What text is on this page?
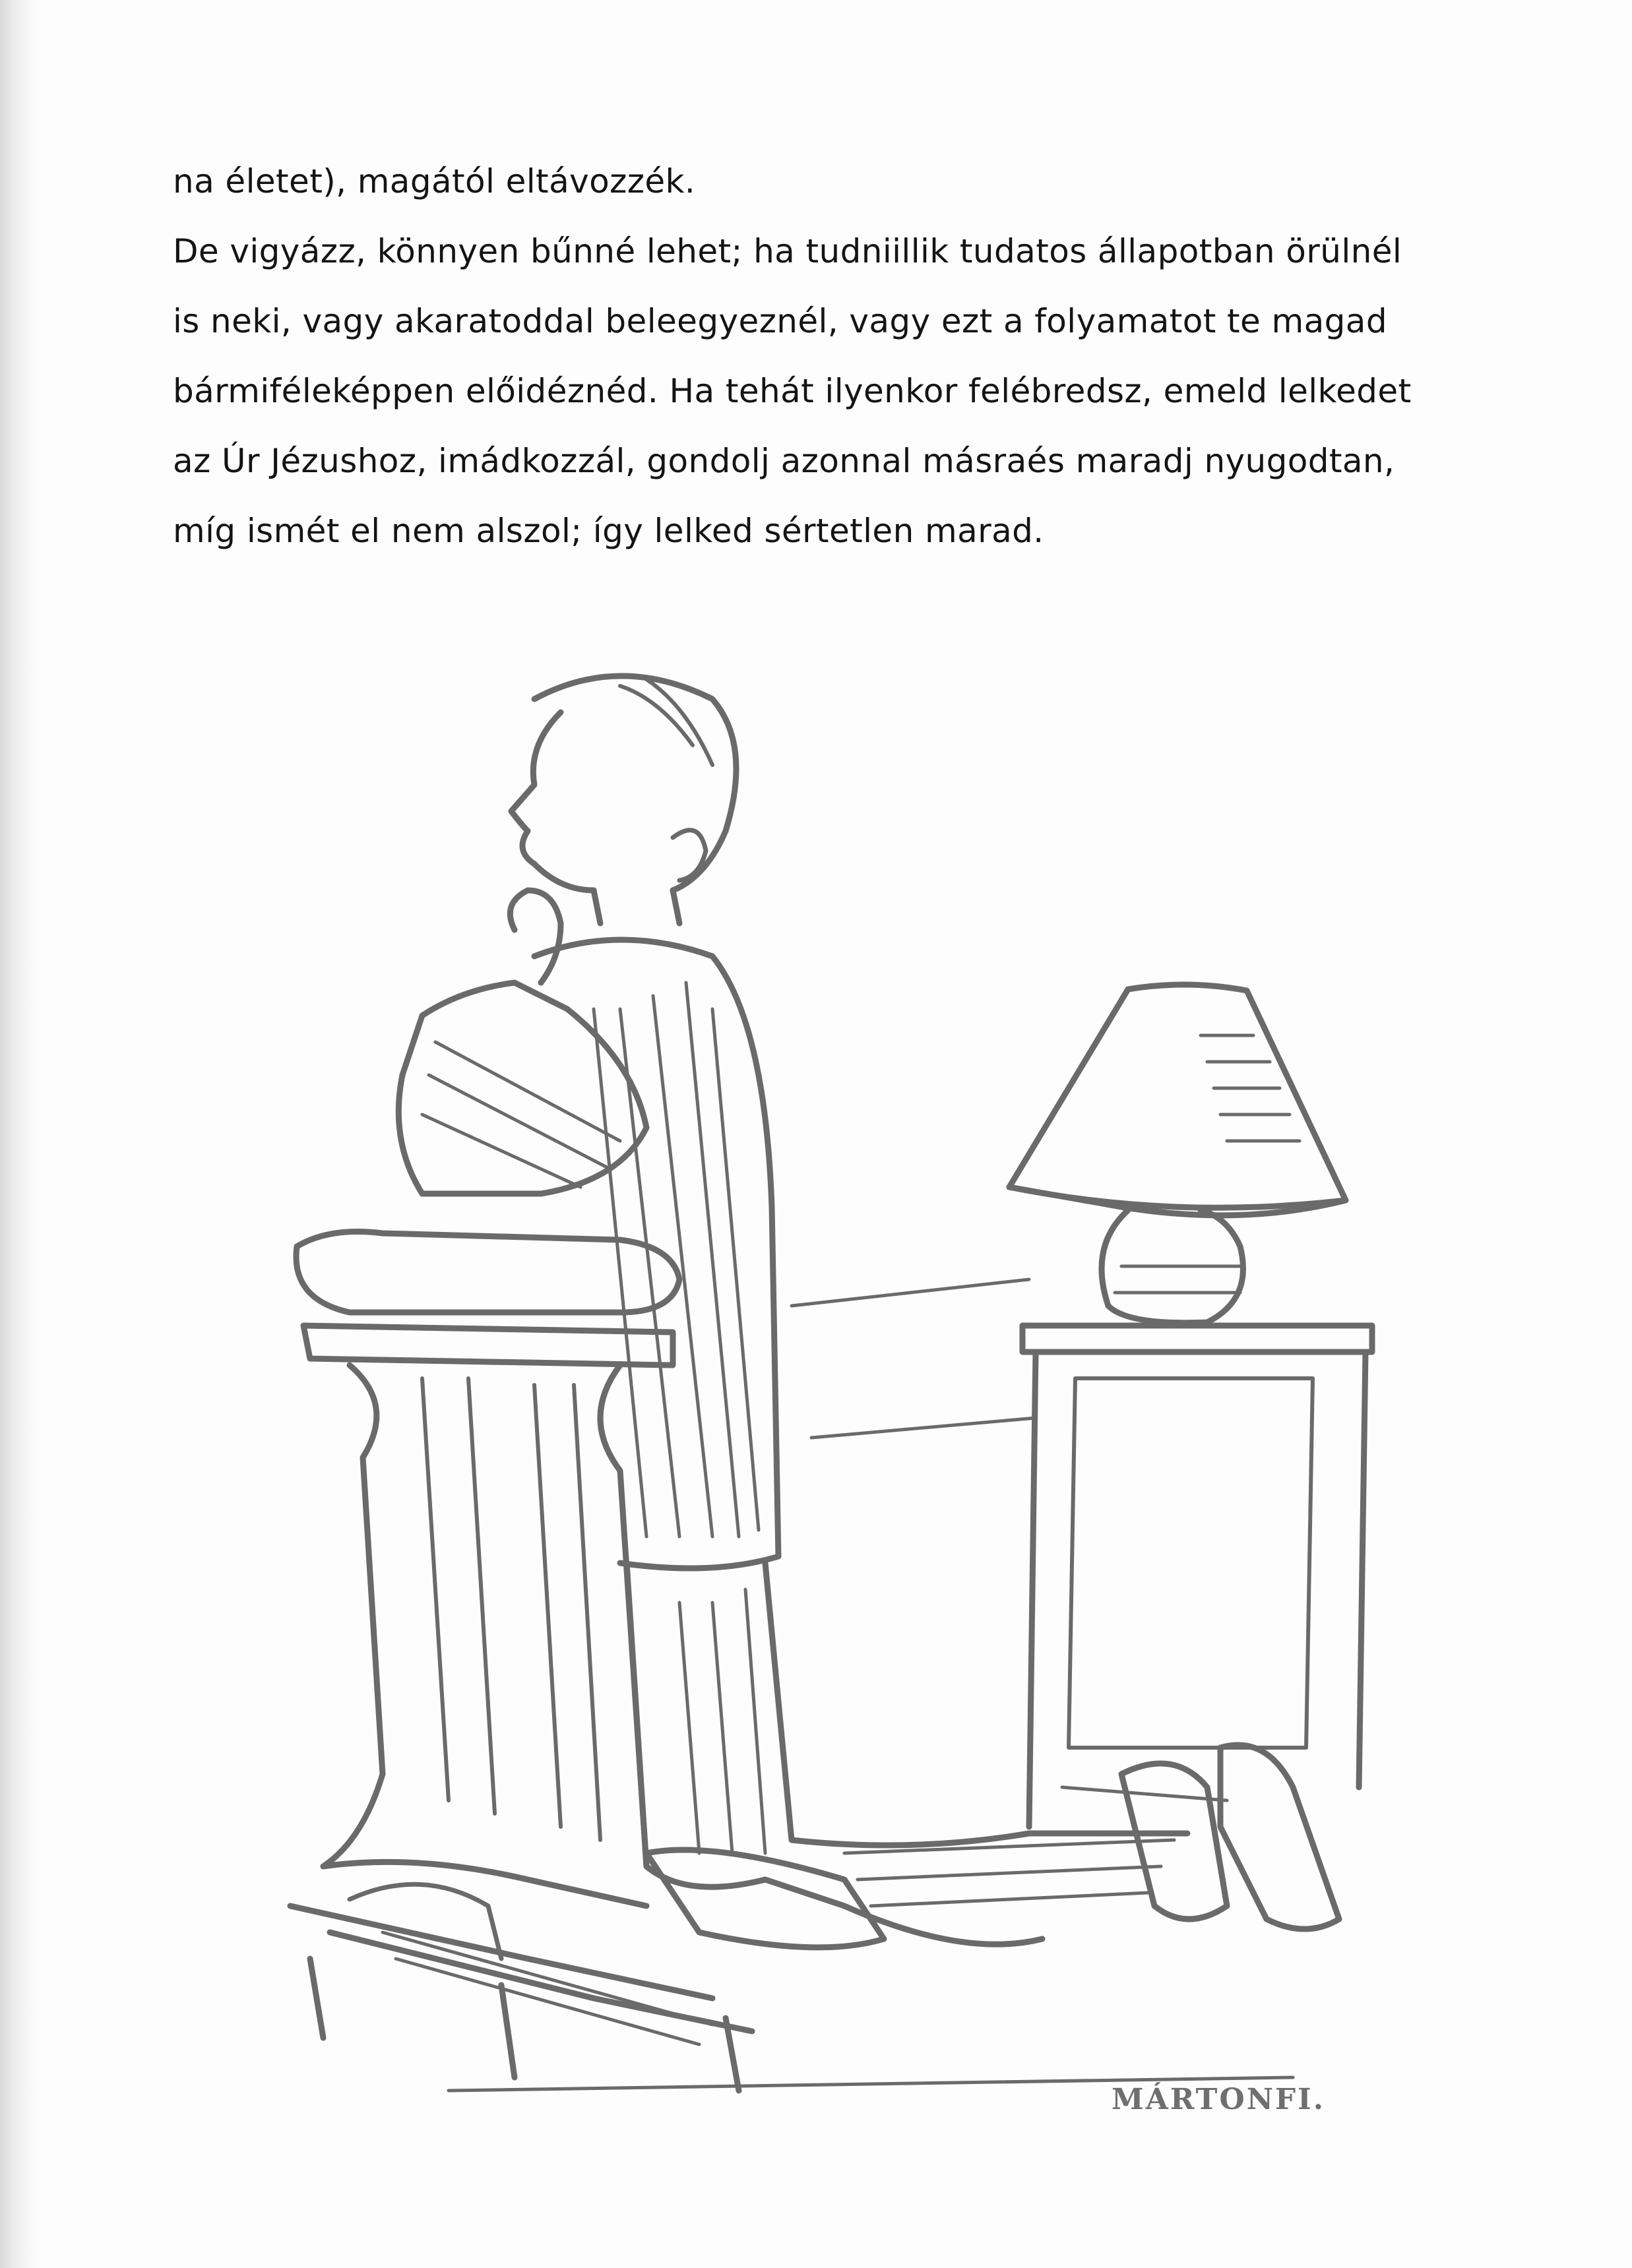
na életet), magától eltávozzék.
De vigyázz, könnyen bűnné lehet; ha tudniillik tudatos állapotban örülnél
is neki, vagy akaratoddal beleegyeznél, vagy ezt a folyamatot te magad
bármiféleképpen előidéznéd. Ha tehát ilyenkor felébredsz, emeld lelkedet
az Úr Jézushoz, imádkozzál, gondolj azonnal másraés maradj nyugodtan,
míg ismét el nem alszol; így lelked sértetlen marad.
MÁRTONFI.
